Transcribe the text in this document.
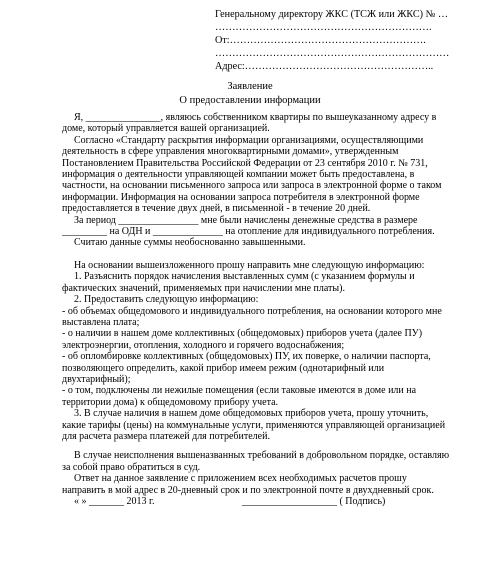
Генеральному директору ЖКС (ТСЖ или ЖКС) № …
……………………………………………………….
От:………………………………………………….
……………………………………………………………
Адрес:………………………………………………..
Заявление
О предоставлении информации

Я, _______________, являюсь собственником квартиры по вышеуказанному адресу в доме, который управляется вашей организацией.

Согласно «Стандарту раскрытия информации организациями, осуществляющими деятельность в сфере управления многоквартирными домами», утвержденным Постановлением Правительства Российской Федерации от 23 сентября 2010 г. № 731, информация о деятельности управляющей компании может быть предоставлена, в частности, на основании письменного запроса или запроса в электронной форме о таком информации. Информация на основании запроса потребителя в электронной форме предоставляется в течение двух дней, в письменной - в течение 20 дней.

За период ________________ мне были начислены денежные средства в размере _________ на ОДН и ______________ на отопление для индивидуального потребления.

Считаю данные суммы необоснованно завышенными.

На основании вышеизложенного прошу направить мне следующую информацию:

1. Разъяснить порядок начисления выставленных сумм (с указанием формулы и фактических значений, применяемых при начислении мне платы).

2. Предоставить следующую информацию:

- об объемах общедомового и индивидуального потребления, на основании которого мне выставлена плата;

- о наличии в нашем доме коллективных (общедомовых) приборов учета (далее ПУ) электроэнергии, отопления, холодного и горячего водоснабжения;

- об опломбировке коллективных (общедомовых) ПУ, их поверке, о наличии паспорта, позволяющего определить, какой прибор имеем режим (однотарифный или двухтарифный);

- о том, подключены ли нежилые помещения (если таковые имеются в доме или на территории дома) к общедомовому прибору учета.

3. В случае наличия в нашем доме общедомовых приборов учета, прошу уточнить, какие тарифы (цены) на коммунальные услуги, применяются управляющей организацией для расчета размера платежей для потребителей.

В случае неисполнения вышеназванных требований в добровольном порядке, оставляю за собой право обратиться в суд.

Ответ на данное заявление с приложением всех необходимых расчетов прошу направить в мой адрес в 20-дневный срок и по электронной почте в двухдневный срок.

« » _______ 2013 г.                                   ___________________ ( Подпись)
